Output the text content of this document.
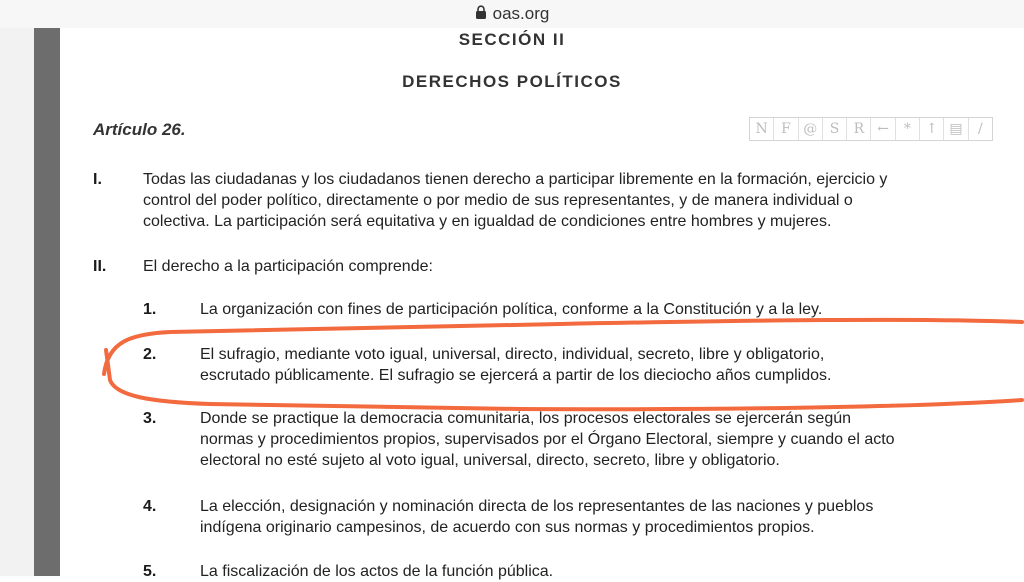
oas.org
SECCIÓN II
DERECHOS POLÍTICOS
Artículo 26.	N F @ S	R ←	*	↑ ▤	/
I.	Todas las ciudadanas y los ciudadanos tienen derecho a participar libremente en la formación, ejercicio y
control del poder político, directamente o por medio de sus representantes, y de manera individual o
colectiva. La participación será equitativa y en igualdad de condiciones entre hombres y mujeres.
II. El derecho a la participación comprende:
1.	La organización con fines de participación política, conforme a la Constitución y a la ley.
2.	El sufragio, mediante voto igual, universal, directo, individual, secreto, libre y obligatorio,
escrutado públicamente. El sufragio se ejercerá a partir de los dieciocho años cumplidos.
3.	Donde se practique la democracia comunitaria, los procesos electorales se ejercerán según
normas y procedimientos propios, supervisados por el Órgano Electoral, siempre y cuando el acto
electoral no esté sujeto al voto igual, universal, directo, secreto, libre y obligatorio.
4.	La elección, designación y nominación directa de los representantes de las naciones y pueblos
indígena originario campesinos, de acuerdo con sus normas y procedimientos propios.
5.	La fiscalización de los actos de la función pública.
